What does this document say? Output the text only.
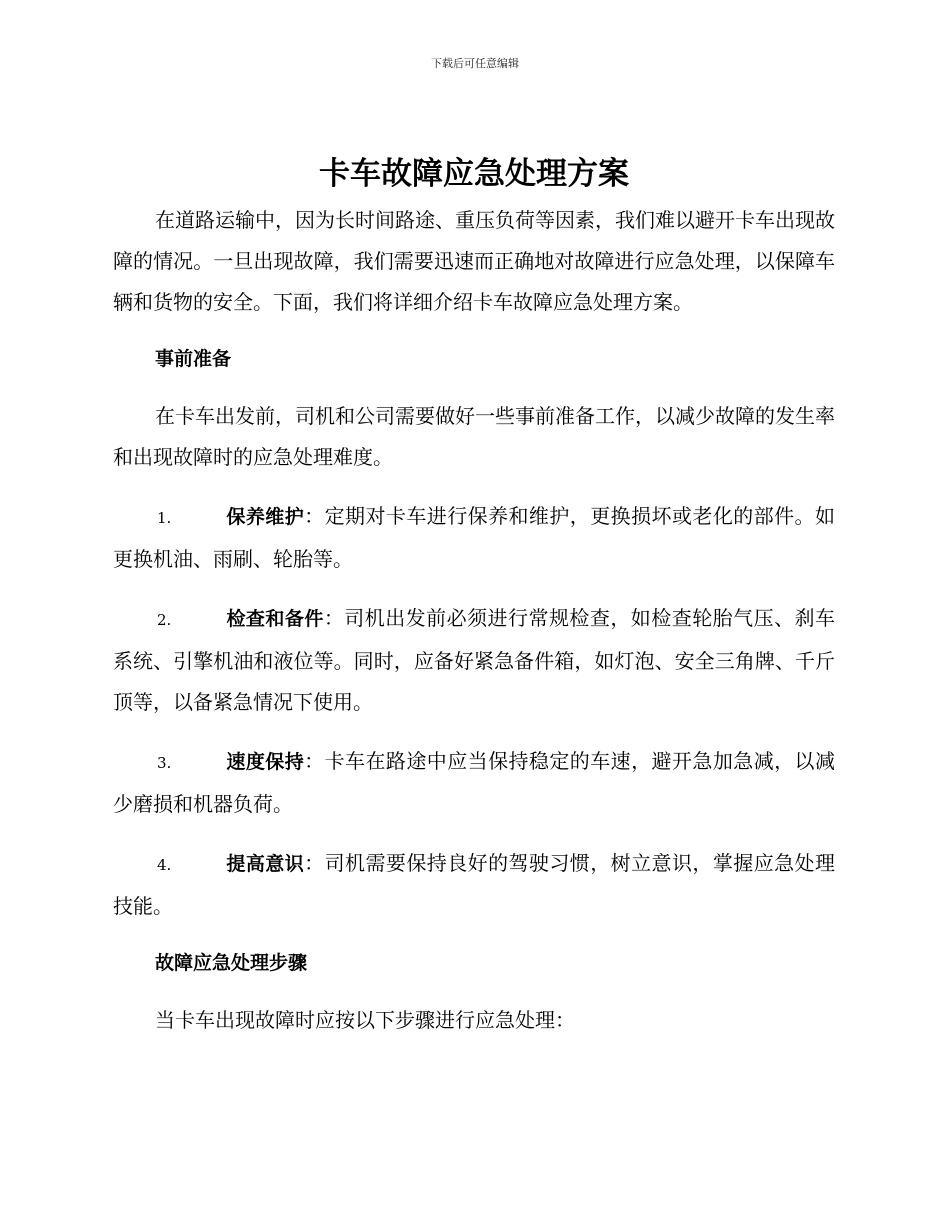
下载后可任意编辑
卡车故障应急处理方案

在道路运输中，因为长时间路途、重压负荷等因素，我们难以避开卡车出现故障的情况。一旦出现故障，我们需要迅速而正确地对故障进行应急处理，以保障车辆和货物的安全。下面，我们将详细介绍卡车故障应急处理方案。

事前准备

在卡车出发前，司机和公司需要做好一些事前准备工作，以减少故障的发生率和出现故障时的应急处理难度。

1.	保养维护：定期对卡车进行保养和维护，更换损坏或老化的部件。如更换机油、雨刷、轮胎等。

2.	检查和备件：司机出发前必须进行常规检查，如检查轮胎气压、刹车系统、引擎机油和液位等。同时，应备好紧急备件箱，如灯泡、安全三角牌、千斤顶等，以备紧急情况下使用。

3.	速度保持：卡车在路途中应当保持稳定的车速，避开急加急减，以减少磨损和机器负荷。

4.	提高意识：司机需要保持良好的驾驶习惯，树立意识，掌握应急处理技能。

故障应急处理步骤

当卡车出现故障时应按以下步骤进行应急处理：
